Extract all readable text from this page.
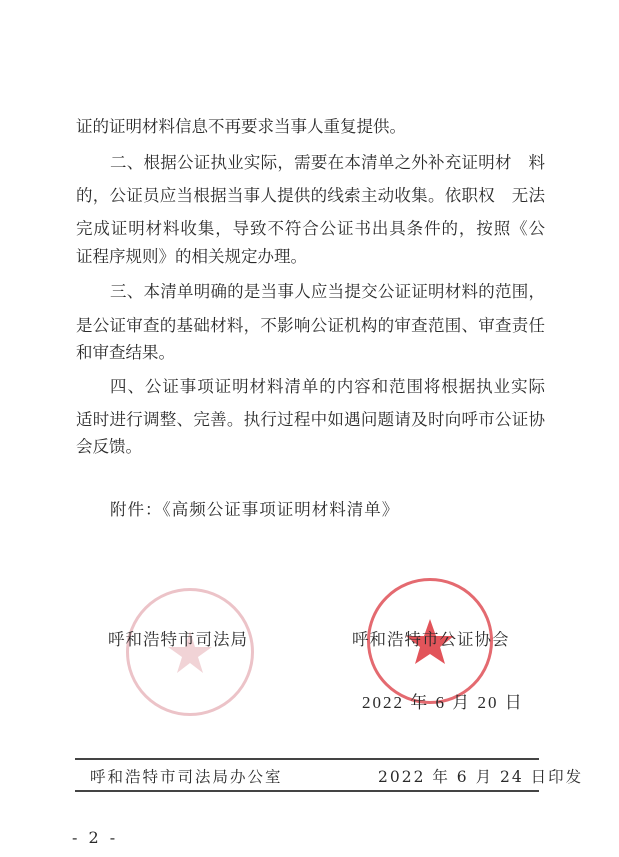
证的证明材料信息不再要求当事人重复提供。
二、根据公证执业实际，需要在本清单之外补充证明材　料
的，公证员应当根据当事人提供的线索主动收集。依职权　无法
完成证明材料收集，导致不符合公证书出具条件的，按照《公
证程序规则》的相关规定办理。
三、本清单明确的是当事人应当提交公证证明材料的范围，
是公证审查的基础材料，不影响公证机构的审查范围、审查责任
和审查结果。
四、公证事项证明材料清单的内容和范围将根据执业实际
适时进行调整、完善。执行过程中如遇问题请及时向呼市公证协
会反馈。
附件：《高频公证事项证明材料清单》
呼和浩特市司法局	呼和浩特市公证协会
2022 年 6 月 20 日
呼和浩特市司法局办公室	2022 年 6 月 24 日印发
- 2 -
